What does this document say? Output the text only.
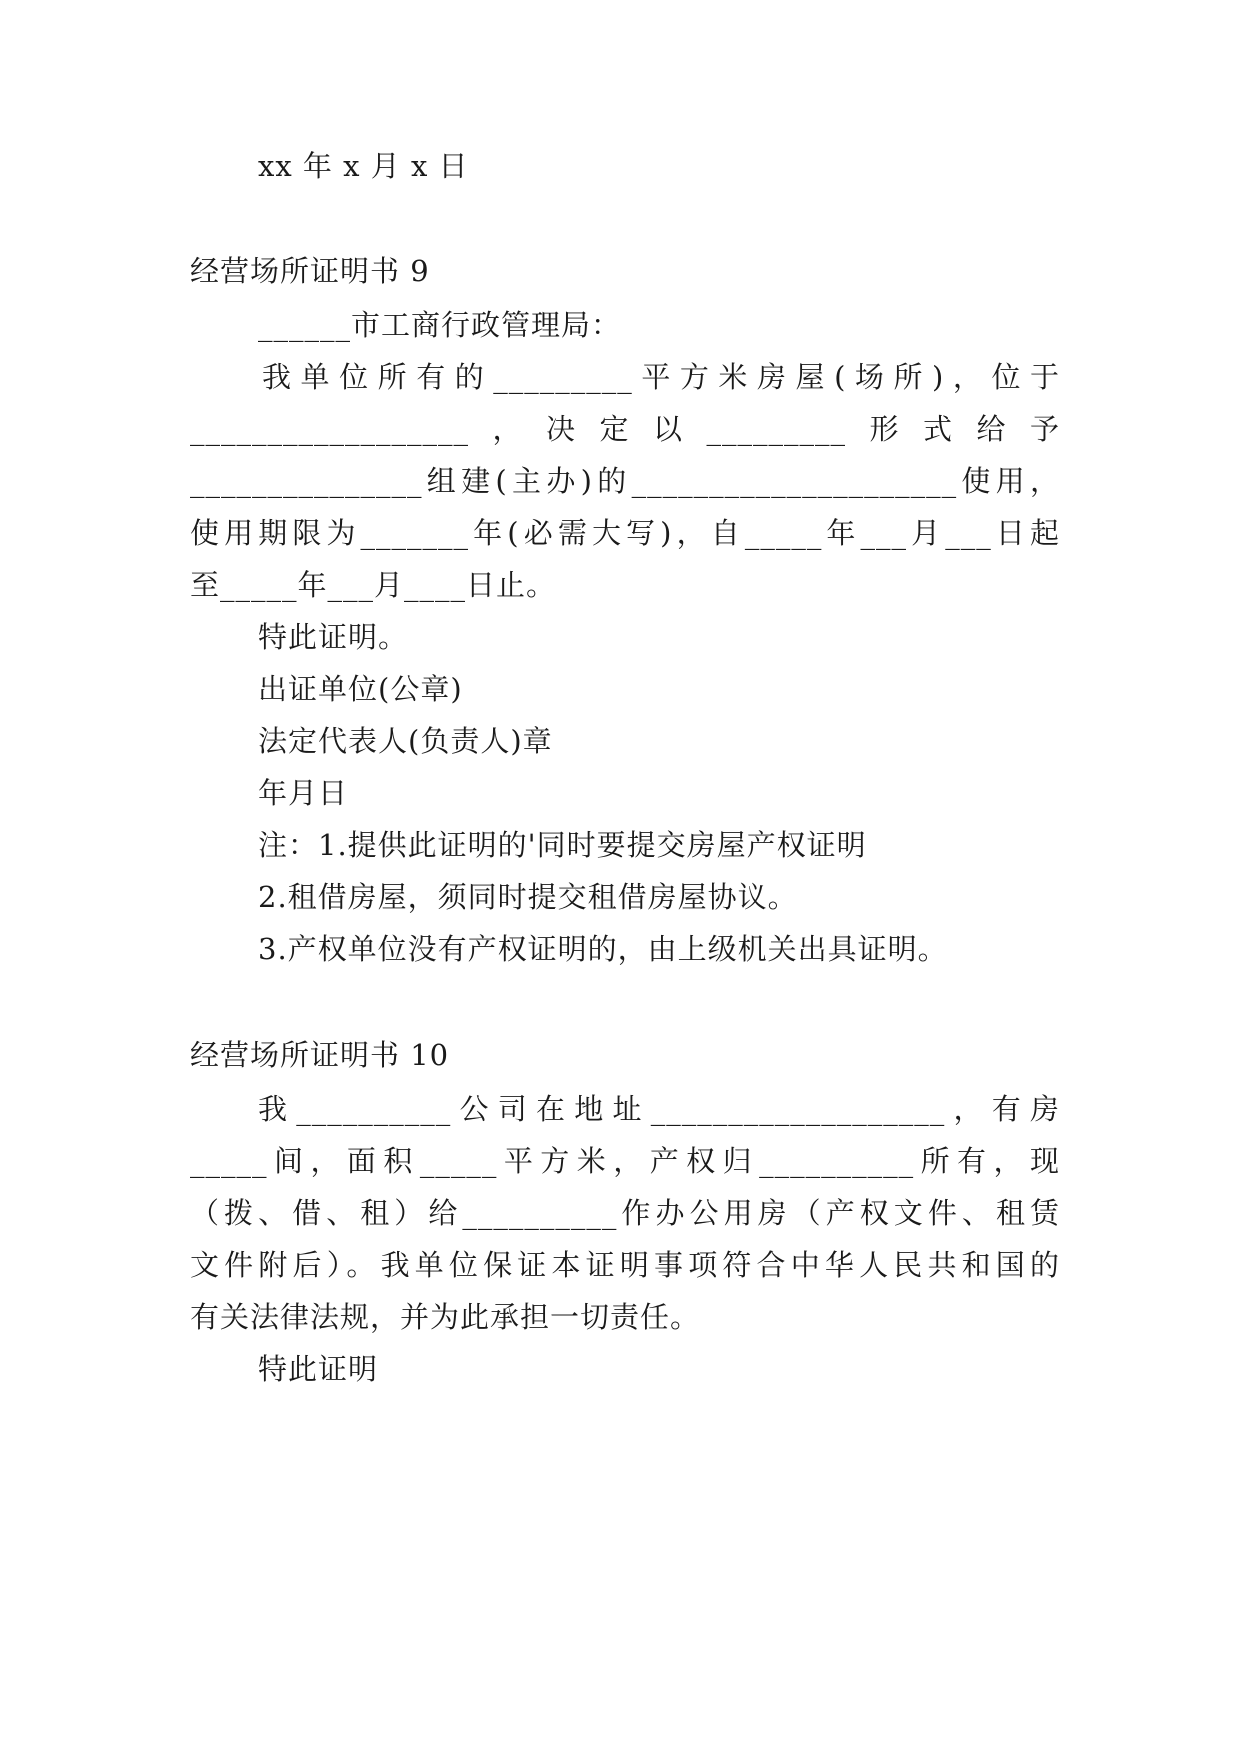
xx 年 x 月 x 日
经营场所证明书 9
______市工商行政管理局：
我单位所有的_________平方米房屋(场所)，位于
__________________，决定以_________形式给予
_______________组建(主办)的_____________________使用，
使用期限为_______年(必需大写)，自_____年___月___日起
至_____年___月____日止。
特此证明。
出证单位(公章)
法定代表人(负责人)章
年月日
注：1.提供此证明的'同时要提交房屋产权证明
2.租借房屋，须同时提交租借房屋协议。
3.产权单位没有产权证明的，由上级机关出具证明。
经营场所证明书 10
我__________公司在地址___________________，有房
_____间，面积_____平方米，产权归__________所有，现
（拨、借、租）给__________作办公用房（产权文件、租赁
文件附后）。我单位保证本证明事项符合中华人民共和国的
有关法律法规，并为此承担一切责任。
特此证明
